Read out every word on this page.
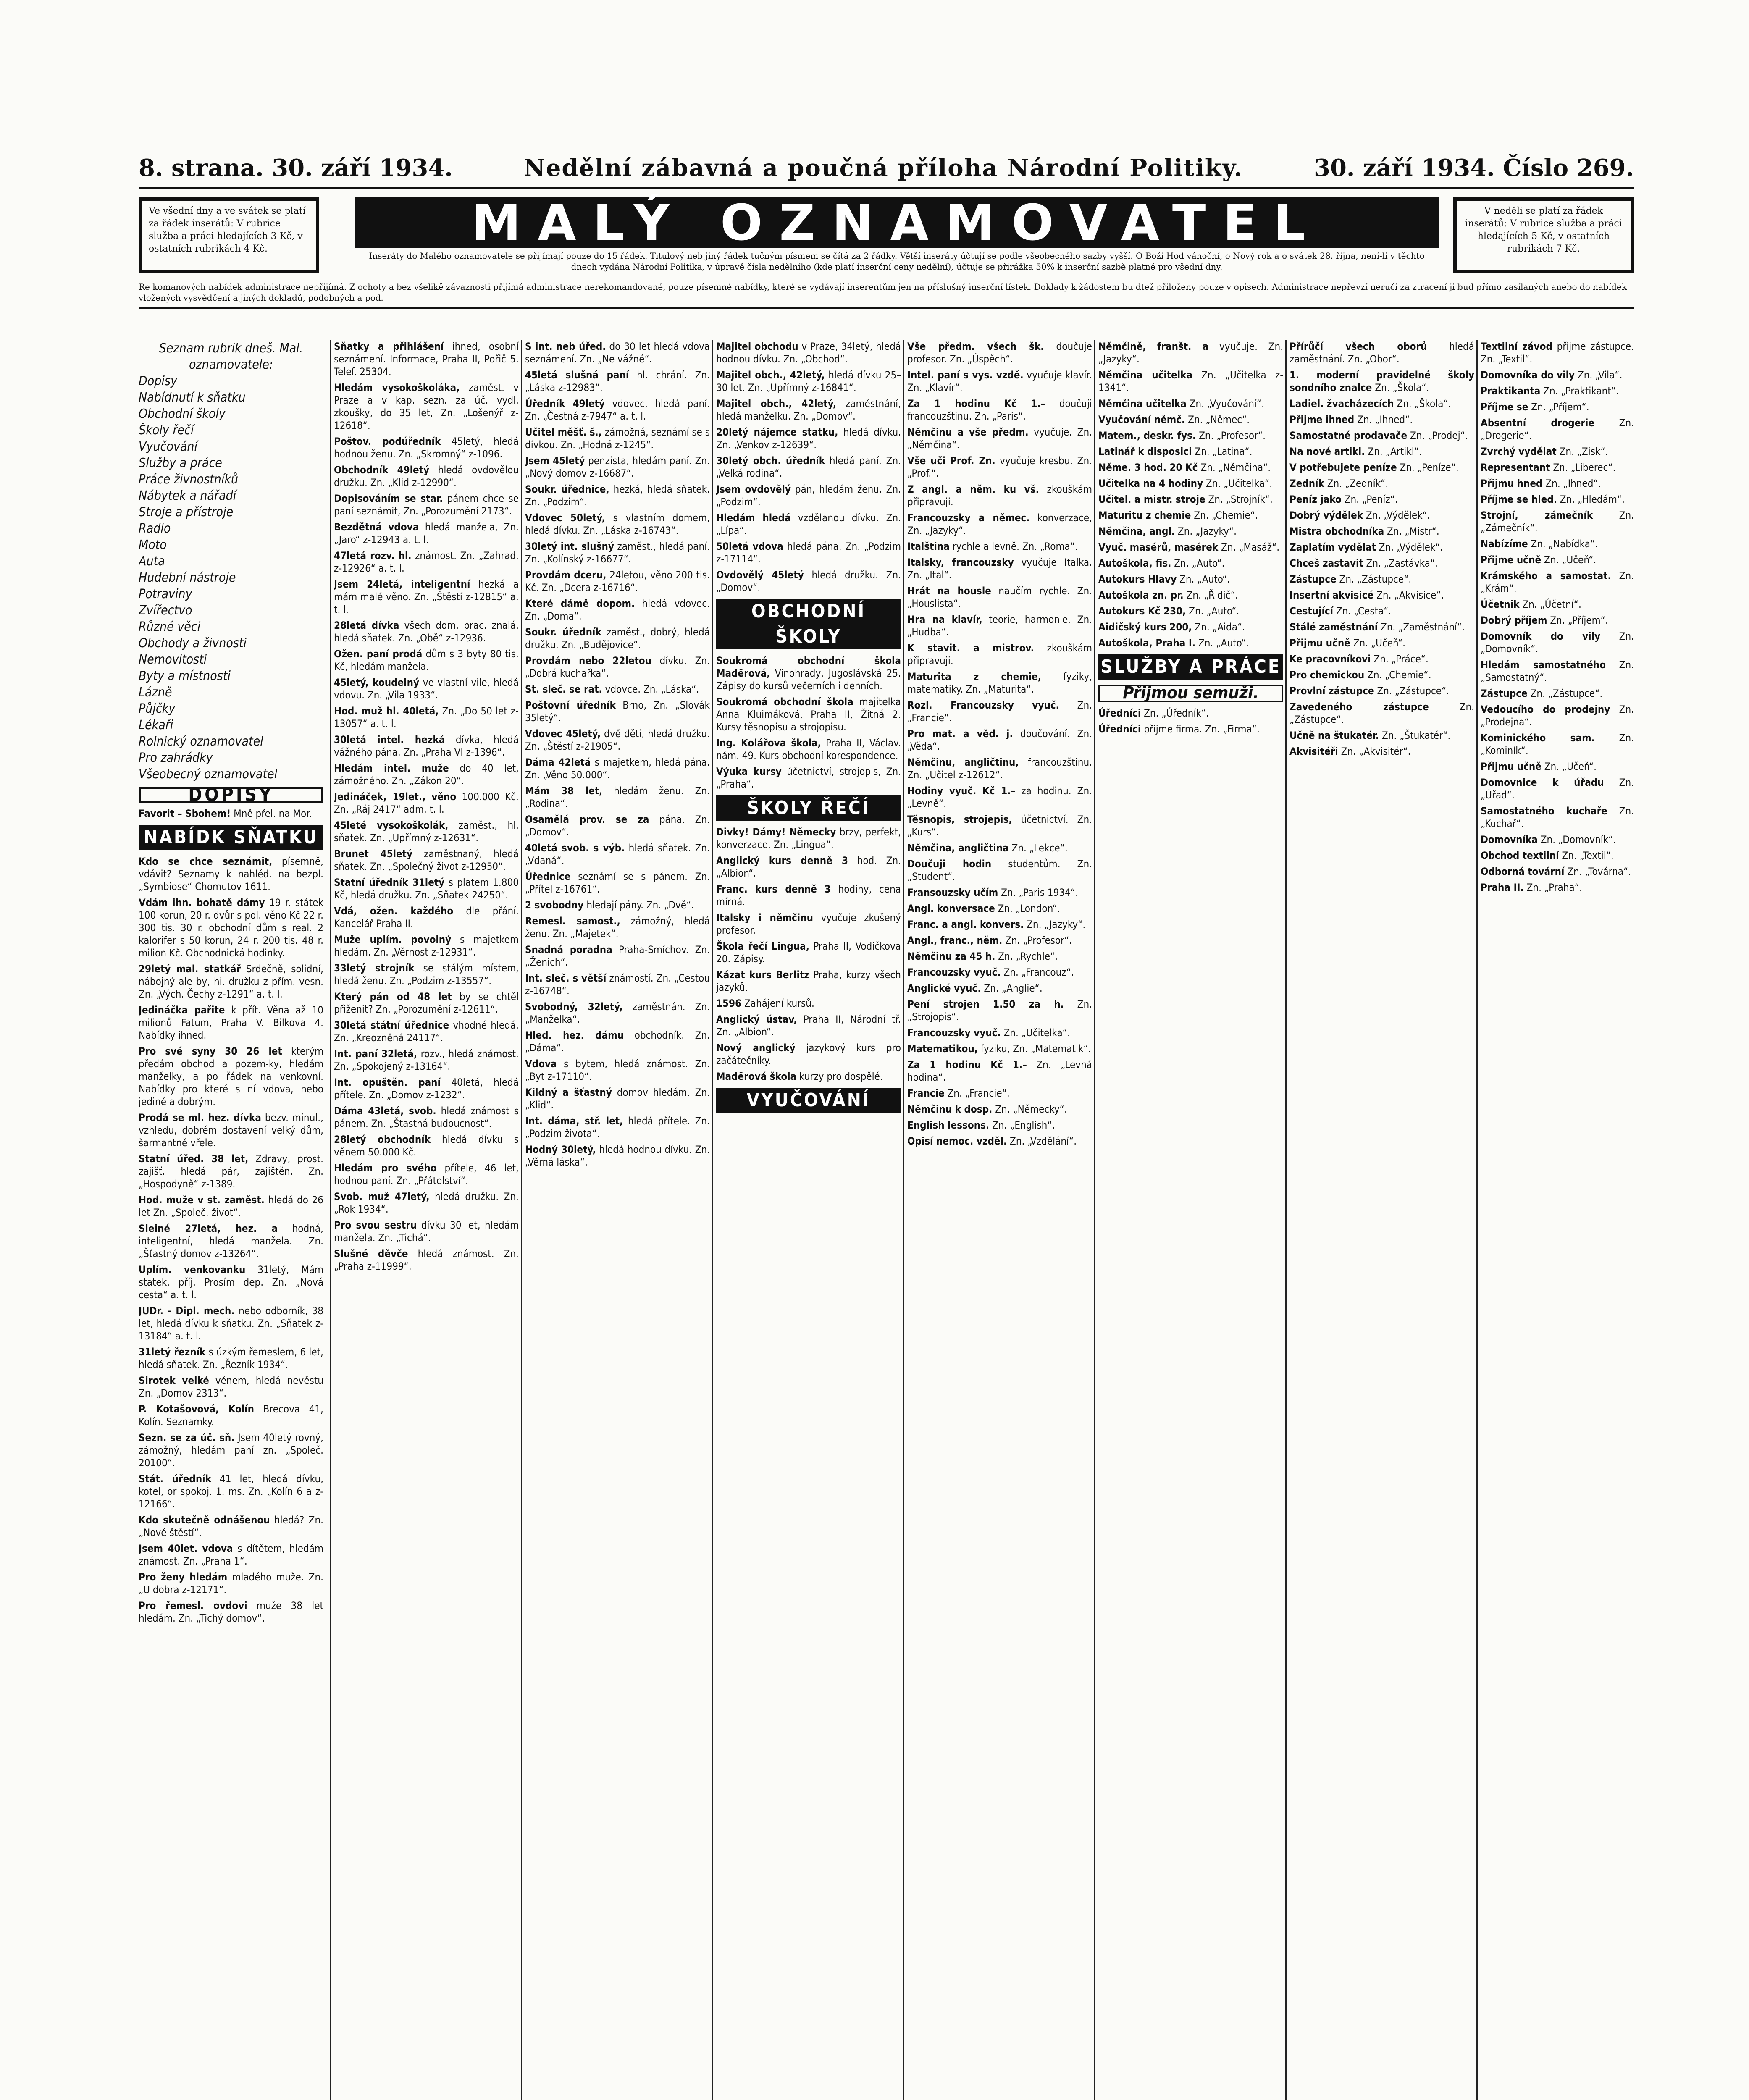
8. strana. 30. září 1934.	Nedělní zábavná a poučná příloha Národní Politiky.	30. září 1934. Číslo 269.
Ve všední dny a ve svátek se platí za řádek inserátů: V rubrice služba a práci hledajících 3 Kč, v ostatních rubrikách 4 Kč.	MALÝ OZNAMOVATEL
Inseráty do Malého oznamovatele se přijímají pouze do 15 řádek. Titulový neb jiný řádek tučným písmem se čítá za 2 řádky. Větší inseráty účtují se podle všeobecného sazby vyšší. O Boží Hod vánoční, o Nový rok a o svátek 28. října, není-li v těchto dnech vydána Národní Politika, v úpravě čísla nedělního (kde platí inserční ceny nedělní), účtuje se přirážka 50% k inserční sazbě platné pro všední dny.
V neděli se platí za řádek inserátů: V rubrice služba a práci hledajících 5 Kč, v ostatních rubrikách 7 Kč.
Re komanových nabídek administrace nepřijímá. Z ochoty a bez všelikě závaznosti přijímá administrace nerekomandované, pouze písemné nabídky, které se vydávají inserentům jen na příslušný inserční lístek. Doklady k žádostem bu dtež přiloženy pouze v opisech. Administrace nepřevzí neručí za ztracení ji bud přímo zasílaných anebo do nabídek vložených vysvědčení a jiných dokladů, podobných a pod.
Seznam rubrik dneš. Mal. oznamovatele:
Dopisy
Nabídnutí k sňatku
Obchodní školy
Školy řečí
Vyučování
Služby a práce
Práce živnostníků
Nábytek a nářadí
Stroje a přístroje
Radio
Moto
Auta
Hudební nástroje
Potraviny
Zvířectvo
Různé věci
Obchody a živnosti
Nemovitosti
Byty a místnosti
Lázně
Půjčky
Lékaři
Rolnický oznamovatel
Pro zahrádky
Všeobecný oznamovatel
DOPISY
Favorit – Sbohem! Mně přel. na Mor.
NABÍDK SŇATKU
Kdo se chce seznámit, písemně, vdávit? Seznamy k nahléd. na bezpl. „Symbiose“ Chomutov 1611.
Vdám ihn. bohatě dámy 19 r. státek 100 korun, 20 r. dvůr s pol. věno Kč 22 r. 300 tis. 30 r. obchodní dům s real. 2 kalorifer s 50 korun, 24 r. 200 tis. 48 r. milion Kč. Obchodnická hodinky.
29letý mal. statkář Srdečně, solidní, nábojný ale by, hi. družku z přím. vesn. Zn. „Vých. Čechy z-1291“ a. t. l.
Jedináčka pařite k přít. Věna až 10 milionů Fatum, Praha V. Bilkova 4. Nabídky ihned.
Pro své syny 30 26 let kterým předám obchod a pozem-ky, hledám manželky, a po řádek na venkovní. Nabídky pro které s ní vdova, nebo jediné a dobrým.
Prodá se ml. hez. dívka bezv. minul., vzhledu, dobrém dostavení velký dům, šarmantně vřele.
Statní úřed. 38 let, Zdravy, prost. zajišť. hledá pár, zajištěn. Zn. „Hospodyně“ z-1389.
Hod. muže v st. zaměst. hledá do 26 let Zn. „Společ. život“.
Sleiné 27letá, hez. a hodná, inteligentní, hledá manžela. Zn. „Šťastný domov z-13264“.
Uplím. venkovanku 31letý, Mám statek, příj. Prosím dep. Zn. „Nová cesta“ a. t. l.
JUDr. - Dipl. mech. nebo odborník, 38 let, hledá dívku k sňatku. Zn. „Sňatek z-13184“ a. t. l.
31letý řezník s úzkým řemeslem, 6 let, hledá sňatek. Zn. „Řezník 1934“.
Sirotek velké věnem, hledá nevěstu Zn. „Domov 2313“.
P. Kotašovová, Kolín Brecova 41, Kolín. Seznamky.
Sezn. se za úč. sň. Jsem 40letý rovný, zámožný, hledám paní zn. „Společ. 20100“.
Stát. úředník 41 let, hledá dívku, kotel, or spokoj. 1. ms. Zn. „Kolín 6 a z-12166“.
Kdo skutečně odnášenou hledá? Zn. „Nové štěstí“.
Jsem 40let. vdova s dítětem, hledám známost. Zn. „Praha 1“.
Pro ženy hledám mladého muže. Zn. „U dobra z-12171“.
Pro řemesl. ovdovi muže 38 let hledám. Zn. „Tichý domov“.
Sňatky a přihlášení ihned, osobní seznámení. Informace, Praha II, Pořič 5. Telef. 25304.
Hledám vysokoškoláka, zaměst. v Praze a v kap. sezn. za úč. vydl. zkoušky, do 35 let, Zn. „Lošenýř z-12618“.
Poštov. podúředník 45letý, hledá hodnou ženu. Zn. „Skromný“ z-1096.
Obchodník 49letý hledá ovdovělou družku. Zn. „Klid z-12990“.
Dopisováním se star. pánem chce se paní seznámit, Zn. „Porozumění 2173“.
Bezdětná vdova hledá manžela, Zn. „Jaro“ z-12943 a. t. l.
47letá rozv. hl. známost. Zn. „Zahrad. z-12926“ a. t. l.
Jsem 24letá, inteligentní hezká a mám malé věno. Zn. „Štěstí z-12815“ a. t. l.
28letá dívka všech dom. prac. znalá, hledá sňatek. Zn. „Obě“ z-12936.
Ožen. paní prodá dům s 3 byty 80 tis. Kč, hledám manžela.
45letý, koudelný ve vlastní vile, hledá vdovu. Zn. „Vila 1933“.
Hod. muž hl. 40letá, Zn. „Do 50 let z-13057“ a. t. l.
30letá intel. hezká dívka, hledá vážného pána. Zn. „Praha VI z-1396“.
Hledám intel. muže do 40 let, zámožného. Zn. „Zákon 20“.
Jedináček, 19let., věno 100.000 Kč. Zn. „Ráj 2417“ adm. t. l.
45leté vysokoškolák, zaměst., hl. sňatek. Zn. „Upřímný z-12631“.
Brunet 45letý zaměstnaný, hledá sňatek. Zn. „Společný život z-12950“.
Statní úředník 31letý s platem 1.800 Kč, hledá družku. Zn. „Sňatek 24250“.
Vdá, ožen. každého dle přání. Kancelář Praha II.
Muže uplím. povolný s majetkem hledám. Zn. „Věrnost z-12931“.
33letý strojník se stálým místem, hledá ženu. Zn. „Podzim z-13557“.
Který pán od 48 let by se chtěl přiženit? Zn. „Porozumění z-12611“.
30letá státní úřednice vhodné hledá. Zn. „Kreozněná 24117“.
Int. paní 32letá, rozv., hledá známost. Zn. „Spokojený z-13164“.
Int. opuštěn. paní 40letá, hledá přítele. Zn. „Domov z-1232“.
Dáma 43letá, svob. hledá známost s pánem. Zn. „Štastná budoucnost“.
28letý obchodník hledá dívku s věnem 50.000 Kč.
Hledám pro svého přítele, 46 let, hodnou paní. Zn. „Přátelství“.
Svob. muž 47letý, hledá družku. Zn. „Rok 1934“.
Pro svou sestru dívku 30 let, hledám manžela. Zn. „Tichá“.
Slušné děvče hledá známost. Zn. „Praha z-11999“.
S int. neb úřed. do 30 let hledá vdova seznámení. Zn. „Ne vážné“.
45letá slušná paní hl. chrání. Zn. „Láska z-12983“.
Úředník 49letý vdovec, hledá paní. Zn. „Čestná z-7947“ a. t. l.
Učitel měšť. š., zámožná, seznámí se s dívkou. Zn. „Hodná z-1245“.
Jsem 45letý penzista, hledám paní. Zn. „Nový domov z-16687“.
Soukr. úřednice, hezká, hledá sňatek. Zn. „Podzim“.
Vdovec 50letý, s vlastním domem, hledá dívku. Zn. „Láska z-16743“.
30letý int. slušný zaměst., hledá paní. Zn. „Kolínský z-16677“.
Provdám dceru, 24letou, věno 200 tis. Kč. Zn. „Dcera z-16716“.
Které dámě dopom. hledá vdovec. Zn. „Doma“.
Soukr. úředník zaměst., dobrý, hledá družku. Zn. „Budějovice“.
Provdám nebo 22letou dívku. Zn. „Dobrá kuchařka“.
St. sleč. se rat. vdovce. Zn. „Láska“.
Poštovní úředník Brno, Zn. „Slovák 35letý“.
Vdovec 45letý, dvě děti, hledá družku. Zn. „Štěstí z-21905“.
Dáma 42letá s majetkem, hledá pána. Zn. „Věno 50.000“.
Mám 38 let, hledám ženu. Zn. „Rodina“.
Osamělá prov. se za pána. Zn. „Domov“.
40letá svob. s výb. hledá sňatek. Zn. „Vdaná“.
Úřednice seznámí se s pánem. Zn. „Přítel z-16761“.
2 svobodny hledají pány. Zn. „Dvě“.
Remesl. samost., zámožný, hledá ženu. Zn. „Majetek“.
Snadná poradna Praha-Smíchov. Zn. „Ženich“.
Int. sleč. s větší známostí. Zn. „Cestou z-16748“.
Svobodný, 32letý, zaměstnán. Zn. „Manželka“.
Hled. hez. dámu obchodník. Zn. „Dáma“.
Vdova s bytem, hledá známost. Zn. „Byt z-17110“.
Kildný a šťastný domov hledám. Zn. „Klid“.
Int. dáma, stř. let, hledá přítele. Zn. „Podzim života“.
Hodný 30letý, hledá hodnou dívku. Zn. „Věrná láska“.
Majitel obchodu v Praze, 34letý, hledá hodnou dívku. Zn. „Obchod“.
Majitel obch., 42letý, hledá dívku 25–30 let. Zn. „Upřímný z-16841“.
Majitel obch., 42letý, zaměstnání, hledá manželku. Zn. „Domov“.
20letý nájemce statku, hledá dívku. Zn. „Venkov z-12639“.
30letý obch. úředník hledá paní. Zn. „Velká rodina“.
Jsem ovdovělý pán, hledám ženu. Zn. „Podzim“.
Hledám hledá vzdělanou dívku. Zn. „Lípa“.
50letá vdova hledá pána. Zn. „Podzim z-17114“.
Ovdovělý 45letý hledá družku. Zn. „Domov“.
OBCHODNÍ ŠKOLY
Soukromá obchodní škola Madërová, Vinohrady, Jugoslávská 25. Zápisy do kursů večerních i denních.
Soukromá obchodní škola majitelka Anna Kluimáková, Praha II, Žitná 2. Kursy těsnopisu a strojopisu.
Ing. Kolářova škola, Praha II, Václav. nám. 49. Kurs obchodní korespondence.
Výuka kursy účetnictví, strojopis, Zn. „Praha“.
ŠKOLY ŘEČÍ
Divky! Dámy! Německy brzy, perfekt, konverzace. Zn. „Lingua“.
Anglický kurs denně 3 hod. Zn. „Albion“.
Franc. kurs denně 3 hodiny, cena mírná.
Italsky i němčinu vyučuje zkušený profesor.
Škola řečí Lingua, Praha II, Vodičkova 20. Zápisy.
Kázat kurs Berlitz Praha, kurzy všech jazyků.
1596 Zahájení kursů.
Anglický ústav, Praha II, Národní tř. Zn. „Albion“.
Nový anglický jazykový kurs pro začátečníky.
Madërová škola kurzy pro dospělé.
VYUČOVÁNÍ
Vše předm. všech šk. doučuje profesor. Zn. „Úspěch“.
Intel. paní s vys. vzdě. vyučuje klavír. Zn. „Klavír“.
Za 1 hodinu Kč 1.– doučuji francouzštinu. Zn. „Paris“.
Němčinu a vše předm. vyučuje. Zn. „Němčina“.
Vše uči Prof. Zn. vyučuje kresbu. Zn. „Prof.“.
Z angl. a něm. ku vš. zkouškám připravuji.
Francouzsky a němec. konverzace, Zn. „Jazyky“.
Italština rychle a levně. Zn. „Roma“.
Italsky, francouzsky vyučuje Italka. Zn. „Ital“.
Hrát na housle naučím rychle. Zn. „Houslista“.
Hra na klavír, teorie, harmonie. Zn. „Hudba“.
K stavit. a mistrov. zkouškám připravuji.
Maturita z chemie, fyziky, matematiky. Zn. „Maturita“.
Rozl. Francouzsky vyuč. Zn. „Francie“.
Pro mat. a věd. j. doučování. Zn. „Věda“.
Němčinu, angličtinu, francouzštinu. Zn. „Učitel z-12612“.
Hodiny vyuč. Kč 1.– za hodinu. Zn. „Levně“.
Těsnopis, strojepis, účetnictví. Zn. „Kurs“.
Němčina, angličtina Zn. „Lekce“.
Doučuji hodin studentům. Zn. „Student“.
Fransouzsky učím Zn. „Paris 1934“.
Angl. konversace Zn. „London“.
Franc. a angl. konvers. Zn. „Jazyky“.
Angl., franc., něm. Zn. „Profesor“.
Němčinu za 45 h. Zn. „Rychle“.
Francouzsky vyuč. Zn. „Francouz“.
Anglické vyuč. Zn. „Anglie“.
Pení strojen 1.50 za h. Zn. „Strojopis“.
Francouzsky vyuč. Zn. „Učitelka“.
Matematikou, fyziku, Zn. „Matematik“.
Za 1 hodinu Kč 1.– Zn. „Levná hodina“.
Francie Zn. „Francie“.
Němčinu k dosp. Zn. „Německy“.
English lessons. Zn. „English“.
Opisí nemoc. vzděl. Zn. „Vzdělání“.
Němčině, franšt. a vyučuje. Zn. „Jazyky“.
Němčina učitelka Zn. „Učitelka z-1341“.
Němčina učitelka Zn. „Vyučování“.
Vyučování němč. Zn. „Němec“.
Matem., deskr. fys. Zn. „Profesor“.
Latinář k disposici Zn. „Latina“.
Něme. 3 hod. 20 Kč Zn. „Němčina“.
Učitelka na 4 hodiny Zn. „Učitelka“.
Učitel. a mistr. stroje Zn. „Strojník“.
Maturitu z chemie Zn. „Chemie“.
Němčina, angl. Zn. „Jazyky“.
Vyuč. masérů, masérek Zn. „Masáž“.
Autoškola, fis. Zn. „Auto“.
Autokurs Hlavy Zn. „Auto“.
Autoškola zn. pr. Zn. „Řidič“.
Autokurs Kč 230, Zn. „Auto“.
Aidičský kurs 200, Zn. „Aida“.
Autoškola, Praha I. Zn. „Auto“.
SLUŽBY A PRÁCE
Přijmou semuži.
Úředníci Zn. „Úředník“.
Úředníci přijme firma. Zn. „Firma“.
Přírůčí všech oborů hledá zaměstnání. Zn. „Obor“.
1. moderní pravidelné školy sondního znalce Zn. „Škola“.
Ladiel. žvacházecích Zn. „Škola“.
Přijme ihned Zn. „Ihned“.
Samostatné prodavače Zn. „Prodej“.
Na nové artikl. Zn. „Artikl“.
V potřebujete peníze Zn. „Peníze“.
Zedník Zn. „Zedník“.
Peníz jako Zn. „Peníz“.
Dobrý výdělek Zn. „Výdělek“.
Mistra obchodníka Zn. „Mistr“.
Zaplatím vydělat Zn. „Výdělek“.
Chceš zastavit Zn. „Zastávka“.
Zástupce Zn. „Zástupce“.
Insertní akvisicé Zn. „Akvisice“.
Cestující Zn. „Cesta“.
Stálé zaměstnání Zn. „Zaměstnání“.
Přijmu učně Zn. „Učeň“.
Ke pracovníkovi Zn. „Práce“.
Pro chemickou Zn. „Chemie“.
Provlní zástupce Zn. „Zástupce“.
Zavedeného zástupce Zn. „Zástupce“.
Učně na štukatér. Zn. „Štukatér“.
Akvisitéři Zn. „Akvisitér“.
Textilní závod přijme zástupce. Zn. „Textil“.
Domovníka do vily Zn. „Vila“.
Praktikanta Zn. „Praktikant“.
Příjme se Zn. „Příjem“.
Absentní drogerie Zn. „Drogerie“.
Zvrchý vydělat Zn. „Zisk“.
Representant Zn. „Liberec“.
Přijmu hned Zn. „Ihned“.
Příjme se hled. Zn. „Hledám“.
Strojní, zámečník Zn. „Zámečník“.
Nabízíme Zn. „Nabídka“.
Přijme učně Zn. „Učeň“.
Krámského a samostat. Zn. „Krám“.
Účetnik Zn. „Účetní“.
Dobrý příjem Zn. „Příjem“.
Domovník do vily Zn. „Domovník“.
Hledám samostatného Zn. „Samostatný“.
Zástupce Zn. „Zástupce“.
Vedoucího do prodejny Zn. „Prodejna“.
Kominického sam. Zn. „Kominík“.
Přijmu učně Zn. „Učeň“.
Domovnice k úřadu Zn. „Úřad“.
Samostatného kuchaře Zn. „Kuchař“.
Domovníka Zn. „Domovník“.
Obchod textilní Zn. „Textil“.
Odborná tovární Zn. „Továrna“.
Praha II. Zn. „Praha“.
